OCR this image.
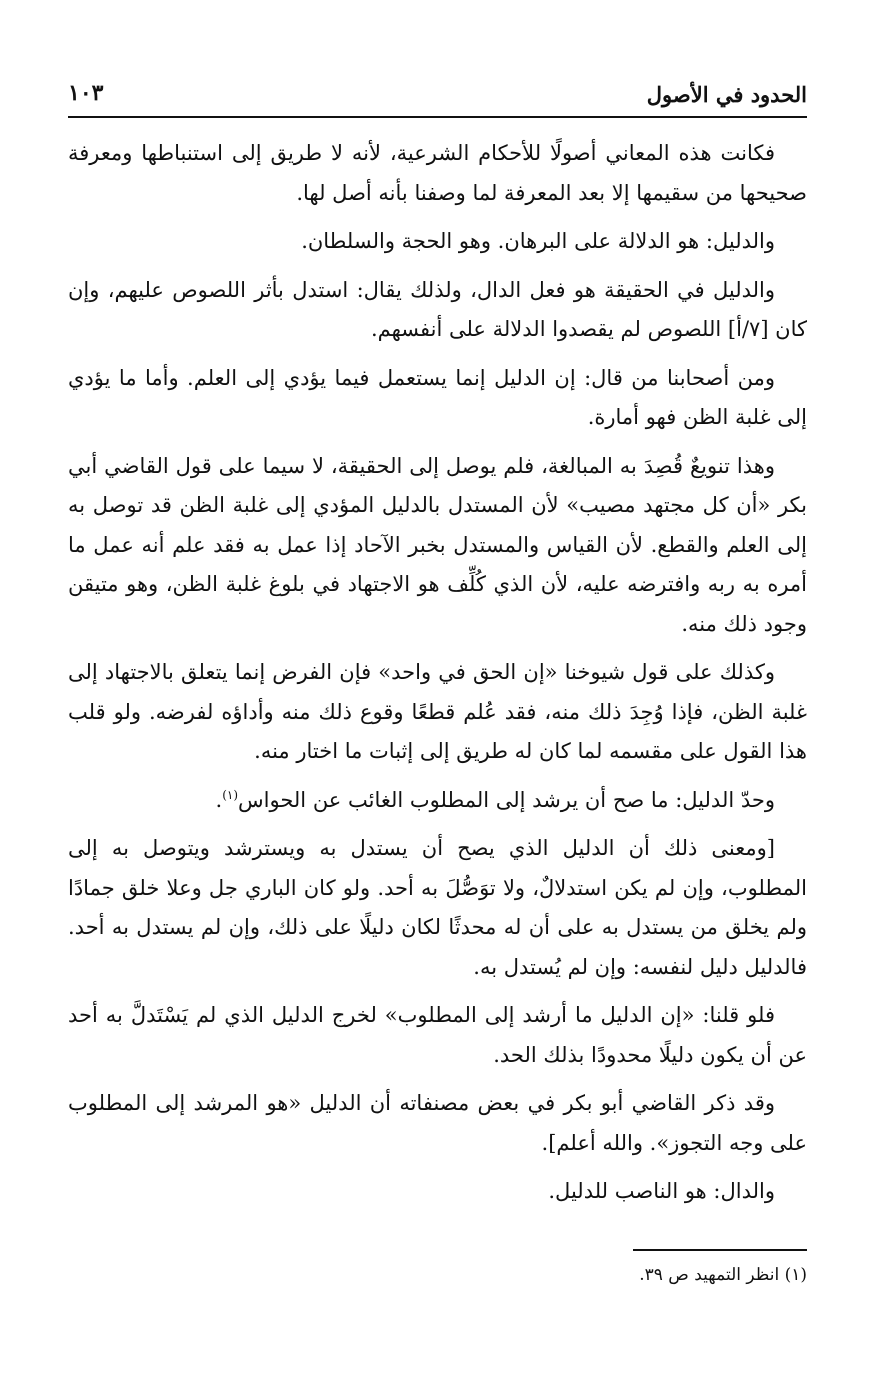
الحدود في الأصول
١٠٣

فكانت هذه المعاني أصولًا للأحكام الشرعية، لأنه لا طريق إلى استنباطها ومعرفة صحيحها من سقيمها إلا بعد المعرفة لما وصفنا بأنه أصل لها.

والدليل: هو الدلالة على البرهان. وهو الحجة والسلطان.

والدليل في الحقيقة هو فعل الدال، ولذلك يقال: استدل بأثر اللصوص عليهم، وإن كان [٧/أ] اللصوص لم يقصدوا الدلالة على أنفسهم.

ومن أصحابنا من قال: إن الدليل إنما يستعمل فيما يؤدي إلى العلم. وأما ما يؤدي إلى غلبة الظن فهو أمارة.

وهذا تنويعٌ قُصِدَ به المبالغة، فلم يوصل إلى الحقيقة، لا سيما على قول القاضي أبي بكر «أن كل مجتهد مصيب» لأن المستدل بالدليل المؤدي إلى غلبة الظن قد توصل به إلى العلم والقطع. لأن القياس والمستدل بخبر الآحاد إذا عمل به فقد علم أنه عمل ما أمره به ربه وافترضه عليه، لأن الذي كُلِّف هو الاجتهاد في بلوغ غلبة الظن، وهو متيقن وجود ذلك منه.

وكذلك على قول شيوخنا «إن الحق في واحد» فإن الفرض إنما يتعلق بالاجتهاد إلى غلبة الظن، فإذا وُجِدَ ذلك منه، فقد عُلم قطعًا وقوع ذلك منه وأداؤه لفرضه. ولو قلب هذا القول على مقسمه لما كان له طريق إلى إثبات ما اختار منه.

وحدّ الدليل: ما صح أن يرشد إلى المطلوب الغائب عن الحواس$^{(١)}$.

[ومعنى ذلك أن الدليل الذي يصح أن يستدل به ويسترشد ويتوصل به إلى المطلوب، وإن لم يكن استدلالٌ، ولا توَصُّلَ به أحد. ولو كان الباري جل وعلا خلق جمادًا ولم يخلق من يستدل به على أن له محدثًا لكان دليلًا على ذلك، وإن لم يستدل به أحد. فالدليل دليل لنفسه: وإن لم يُستدل به.

فلو قلنا: «إن الدليل ما أرشد إلى المطلوب» لخرج الدليل الذي لم يَسْتَدلَّ به أحد عن أن يكون دليلًا محدودًا بذلك الحد.

وقد ذكر القاضي أبو بكر في بعض مصنفاته أن الدليل «هو المرشد إلى المطلوب على وجه التجوز». والله أعلم].

والدال: هو الناصب للدليل.

(١) انظر التمهيد ص ٣٩.
